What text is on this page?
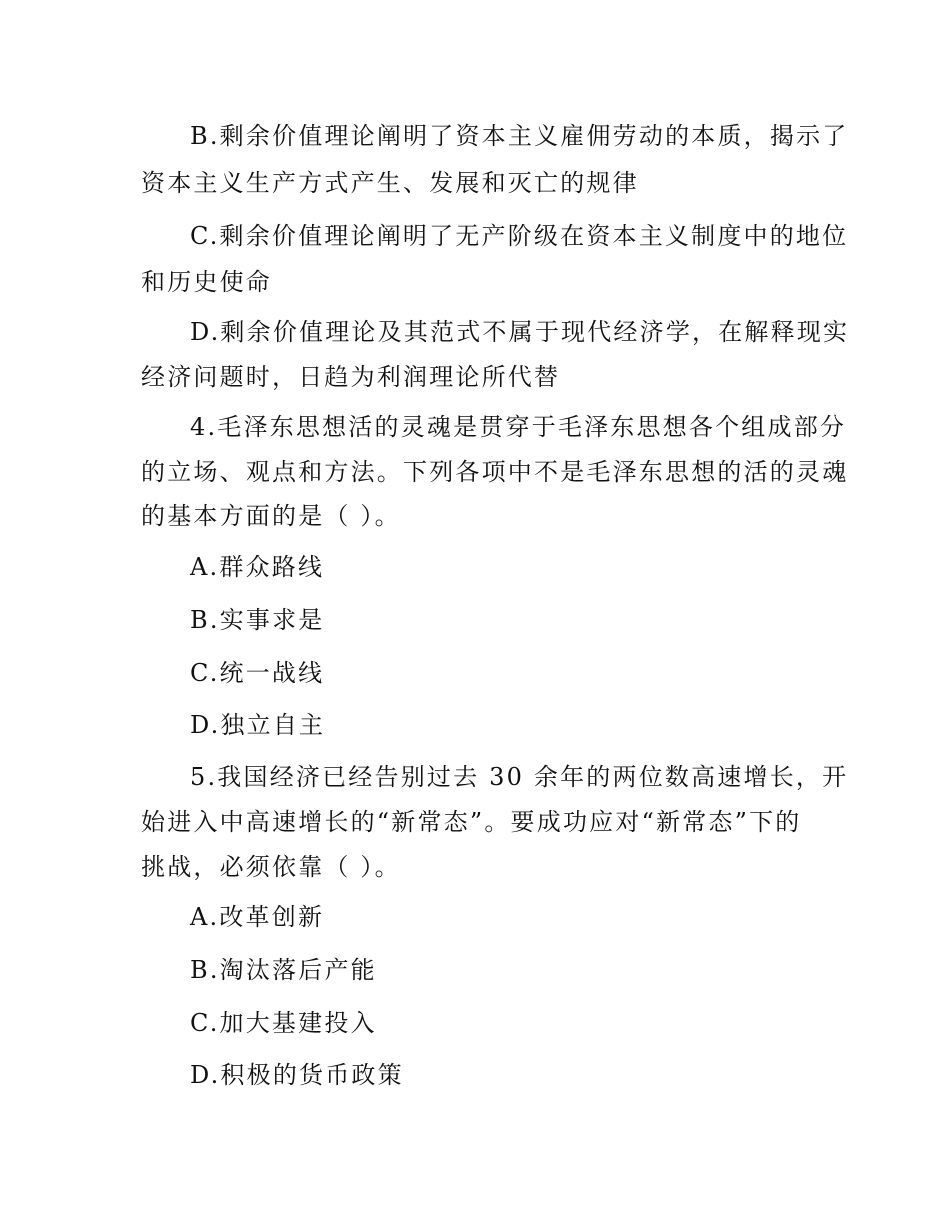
B.剩余价值理论阐明了资本主义雇佣劳动的本质，揭示了
资本主义生产方式产生、发展和灭亡的规律
C.剩余价值理论阐明了无产阶级在资本主义制度中的地位
和历史使命
D.剩余价值理论及其范式不属于现代经济学，在解释现实
经济问题时，日趋为利润理论所代替
4.毛泽东思想活的灵魂是贯穿于毛泽东思想各个组成部分
的立场、观点和方法。下列各项中不是毛泽东思想的活的灵魂
的基本方面的是（ ）。
A.群众路线
B.实事求是
C.统一战线
D.独立自主
5.我国经济已经告别过去 30 余年的两位数高速增长，开
始进入中高速增长的“新常态”。要成功应对“新常态”下的
挑战，必须依靠（ ）。
A.改革创新
B.淘汰落后产能
C.加大基建投入
D.积极的货币政策
